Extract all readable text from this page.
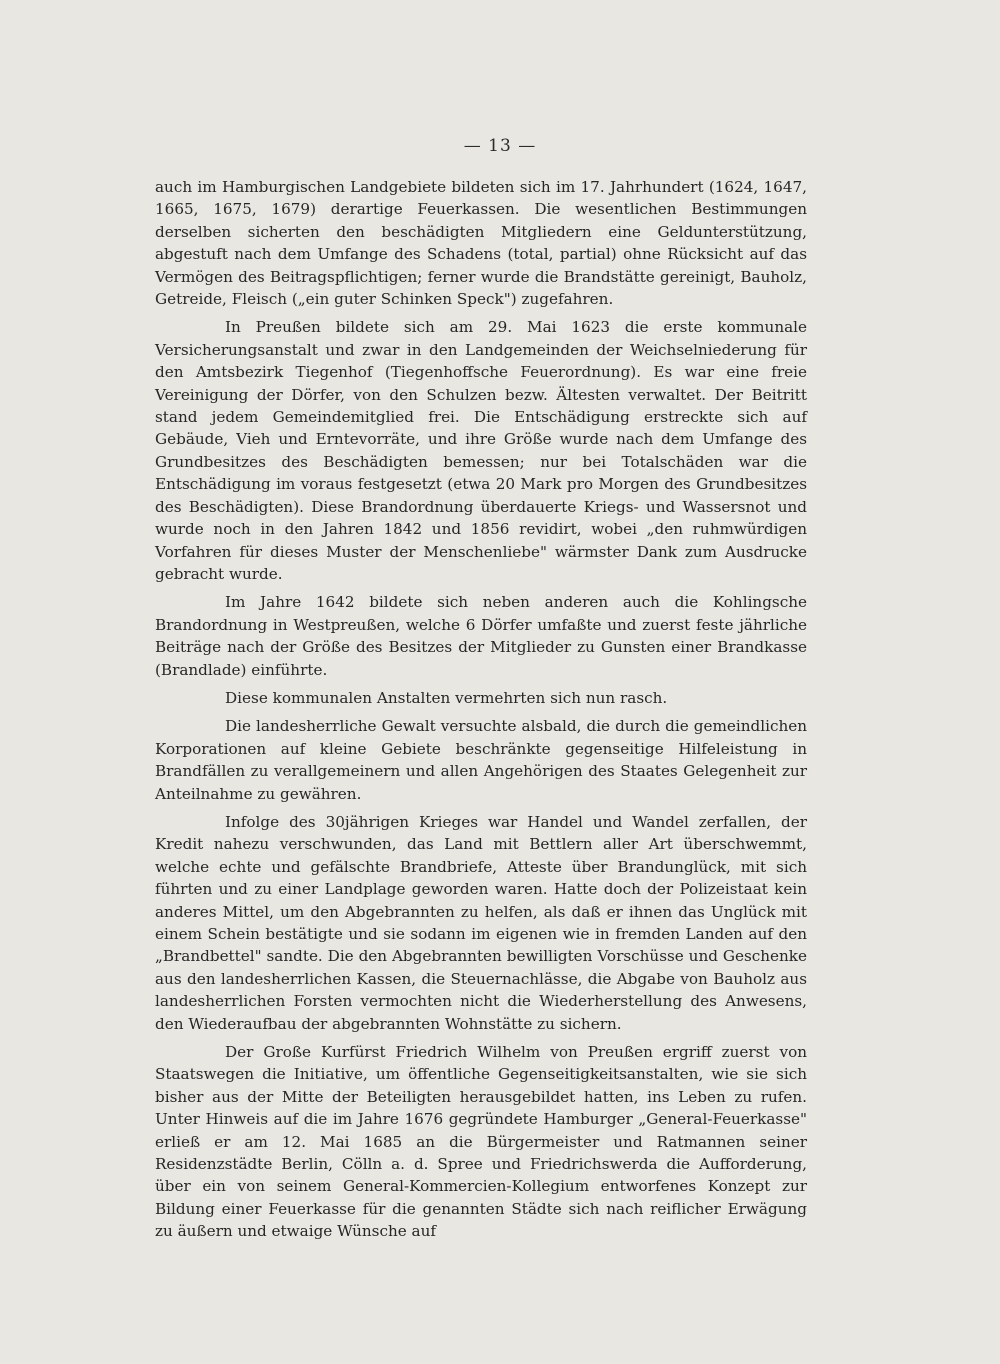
— 13 —

auch im Hamburgischen Landgebiete bildeten sich im 17. Jahrhundert (1624, 1647, 1665, 1675, 1679) derartige Feuerkassen. Die wesentlichen Bestimmungen derselben sicherten den beschädigten Mitgliedern eine Geldunterstützung, abgestuft nach dem Umfange des Schadens (total, partial) ohne Rücksicht auf das Vermögen des Beitragspflichtigen; ferner wurde die Brandstätte gereinigt, Bauholz, Getreide, Fleisch („ein guter Schinken Speck") zugefahren.

In Preußen bildete sich am 29. Mai 1623 die erste kommunale Versicherungsanstalt und zwar in den Landgemeinden der Weichselniederung für den Amtsbezirk Tiegenhof (Tiegenhoffsche Feuerordnung). Es war eine freie Vereinigung der Dörfer, von den Schulzen bezw. Ältesten verwaltet. Der Beitritt stand jedem Gemeindemitglied frei. Die Entschädigung erstreckte sich auf Gebäude, Vieh und Erntevorräte, und ihre Größe wurde nach dem Umfange des Grundbesitzes des Beschädigten bemessen; nur bei Totalschäden war die Entschädigung im voraus festgesetzt (etwa 20 Mark pro Morgen des Grundbesitzes des Beschädigten). Diese Brandordnung überdauerte Kriegs- und Wassersnot und wurde noch in den Jahren 1842 und 1856 revidirt, wobei „den ruhmwürdigen Vorfahren für dieses Muster der Menschenliebe" wärmster Dank zum Ausdrucke gebracht wurde.

Im Jahre 1642 bildete sich neben anderen auch die Kohlingsche Brandordnung in Westpreußen, welche 6 Dörfer umfaßte und zuerst feste jährliche Beiträge nach der Größe des Besitzes der Mitglieder zu Gunsten einer Brandkasse (Brandlade) einführte.

Diese kommunalen Anstalten vermehrten sich nun rasch.

Die landesherrliche Gewalt versuchte alsbald, die durch die gemeindlichen Korporationen auf kleine Gebiete beschränkte gegenseitige Hilfeleistung in Brandfällen zu verallgemeinern und allen Angehörigen des Staates Gelegenheit zur Anteilnahme zu gewähren.

Infolge des 30jährigen Krieges war Handel und Wandel zerfallen, der Kredit nahezu verschwunden, das Land mit Bettlern aller Art überschwemmt, welche echte und gefälschte Brandbriefe, Atteste über Brandunglück, mit sich führten und zu einer Landplage geworden waren. Hatte doch der Polizeistaat kein anderes Mittel, um den Abgebrannten zu helfen, als daß er ihnen das Unglück mit einem Schein bestätigte und sie sodann im eigenen wie in fremden Landen auf den „Brandbettel" sandte. Die den Abgebrannten bewilligten Vorschüsse und Geschenke aus den landesherrlichen Kassen, die Steuernachlässe, die Abgabe von Bauholz aus landesherrlichen Forsten vermochten nicht die Wiederherstellung des Anwesens, den Wiederaufbau der abgebrannten Wohnstätte zu sichern.

Der Große Kurfürst Friedrich Wilhelm von Preußen ergriff zuerst von Staatswegen die Initiative, um öffentliche Gegenseitigkeitsanstalten, wie sie sich bisher aus der Mitte der Beteiligten herausgebildet hatten, ins Leben zu rufen. Unter Hinweis auf die im Jahre 1676 gegründete Hamburger „General-Feuerkasse" erließ er am 12. Mai 1685 an die Bürgermeister und Ratmannen seiner Residenzstädte Berlin, Cölln a. d. Spree und Friedrichswerda die Aufforderung, über ein von seinem General-Kommercien-Kollegium entworfenes Konzept zur Bildung einer Feuerkasse für die genannten Städte sich nach reiflicher Erwägung zu äußern und etwaige Wünsche auf
